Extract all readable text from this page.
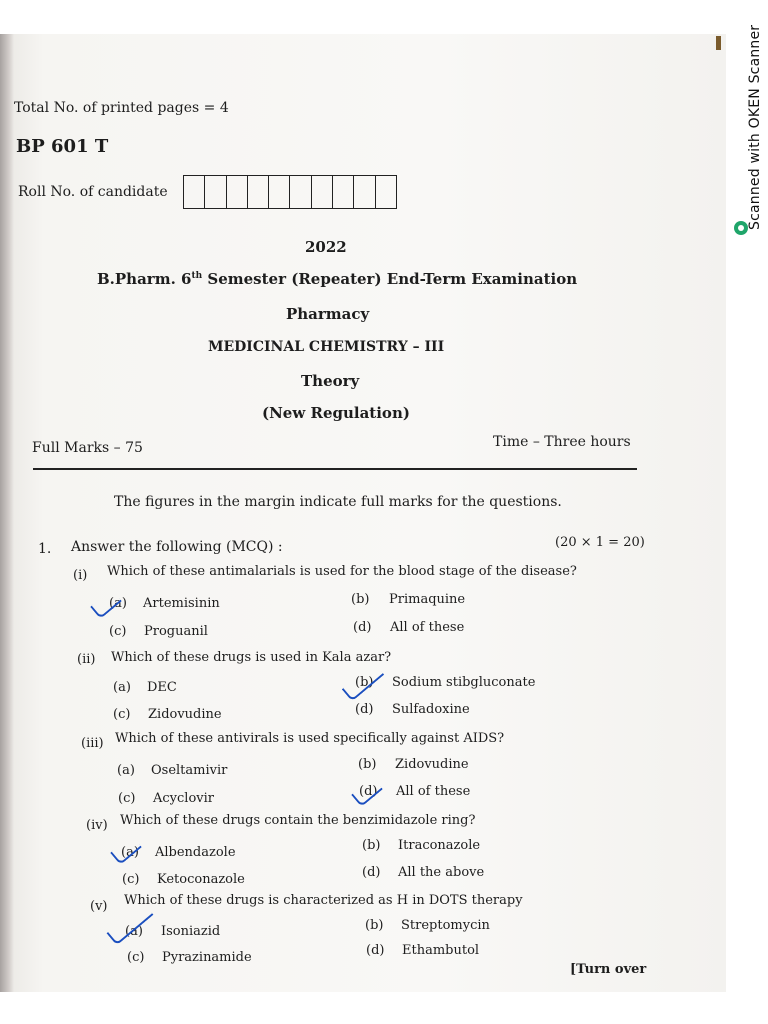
Scanned with OKEN Scanner
Total No. of printed pages = 4
BP 601 T
Roll No. of candidate
2022
B.Pharm. 6th Semester (Repeater) End-Term Examination
Pharmacy
MEDICINAL CHEMISTRY – III
Theory
(New Regulation)
Full Marks – 75	Time – Three hours
The figures in the margin indicate full marks for the questions.
1. Answer the following (MCQ) :	(20 × 1 = 20)
(i) Which of these antimalarials is used for the blood stage of the disease?
(a) Artemisinin	(b) Primaquine
(c) Proguanil	(d) All of these
(ii) Which of these drugs is used in Kala azar?
(a) DEC	(b) Sodium stibgluconate
(c) Zidovudine	(d) Sulfadoxine
(iii) Which of these antivirals is used specifically against AIDS?
(a) Oseltamivir	(b) Zidovudine
(c) Acyclovir	(d) All of these
(iv) Which of these drugs contain the benzimidazole ring?
(a) Albendazole	(b) Itraconazole
(c) Ketoconazole	(d) All the above
(v) Which of these drugs is characterized as H in DOTS therapy
(a) Isoniazid	(b) Streptomycin
(c) Pyrazinamide	(d) Ethambutol
[Turn over
